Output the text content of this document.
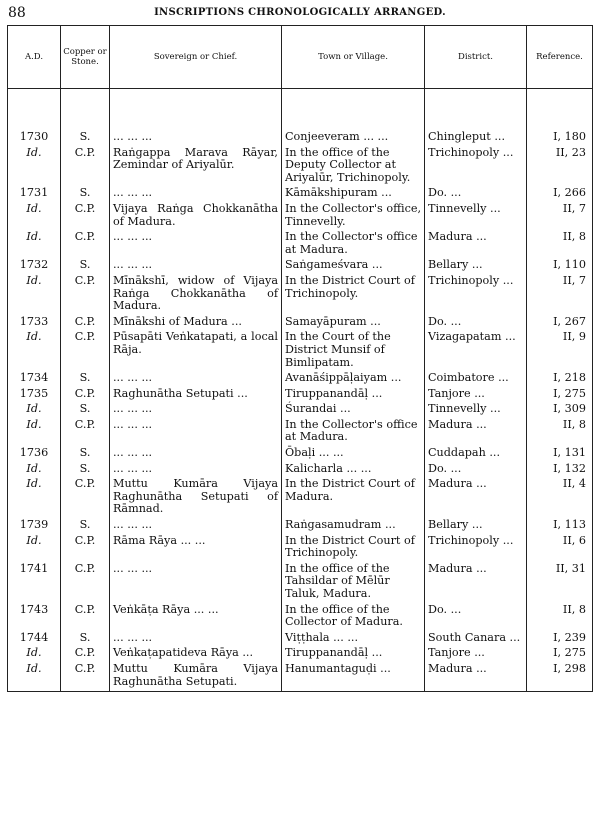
88	INSCRIPTIONS CHRONOLOGICALLY ARRANGED.
A.D.	Copper or Stone.	Sovereign or Chief.	Town or Village.	District.	Reference.

1730	S.	... ... ...	Conjeeveram ... ...	Chingleput ...	I, 180
Id.	C.P.	Raṅgappa Marava Rāyar, Zemindar of Ariyalūr.	In the office of the Deputy Collector at Ariyalūr, Trichinopoly.	Trichinopoly ...	II, 23
1731	S.	... ... ...	Kāmākshipuram ...	Do. ...	I, 266
Id.	C.P.	Vijaya Raṅga Chokkanātha of Madura.	In the Collector's office, Tinnevelly.	Tinnevelly ...	II, 7
Id.	C.P.	... ... ...	In the Collector's office at Madura.	Madura ...	II, 8
1732	S.	... ... ...	Saṅgameśvara ...	Bellary ...	I, 110
Id.	C.P.	Mīnākshī, widow of Vijaya Raṅga Chokkanātha of Madura.	In the District Court of Trichinopoly.	Trichinopoly ...	II, 7
1733	C.P.	Mīnākshi of Madura ...	Samayāpuram ...	Do. ...	I, 267
Id.	C.P.	Pūsapāti Veṅkatapati, a local Rāja.	In the Court of the District Munsif of Bimlipatam.	Vizagapatam ...	II, 9
1734	S.	... ... ...	Avanāśippāḷaiyam ...	Coimbatore ...	I, 218
1735	C.P.	Raghunātha Setupati ...	Tiruppanandāḷ ...	Tanjore ...	I, 275
Id.	S.	... ... ...	Śurandai ...	Tinnevelly ...	I, 309
Id.	C.P.	... ... ...	In the Collector's office at Madura.	Madura ...	II, 8
1736	S.	... ... ...	Ōbaḷi ... ...	Cuddapah ...	I, 131
Id.	S.	... ... ...	Kalicharla ... ...	Do. ...	I, 132
Id.	C.P.	Muttu Kumāra Vijaya Raghunātha Setupati of Rāmnad.	In the District Court of Madura.	Madura ...	II, 4
1739	S.	... ... ...	Raṅgasamudram ...	Bellary ...	I, 113
Id.	C.P.	Rāma Rāya ... ...	In the District Court of Trichinopoly.	Trichinopoly ...	II, 6
1741	C.P.	... ... ...	In the office of the Tahsildar of Mēlūr Taluk, Madura.	Madura ...	II, 31
1743	C.P.	Veṅkāṭa Rāya ... ...	In the office of the Collector of Madura.	Do. ...	II, 8
1744	S.	... ... ...	Viṭṭhala ... ...	South Canara ...	I, 239
Id.	C.P.	Veṅkaṭapatideva Rāya ...	Tiruppanandāḷ ...	Tanjore ...	I, 275
Id.	C.P.	Muttu Kumāra Vijaya Raghunātha Setupati.	Hanumantaguḍi ...	Madura ...	I, 298
